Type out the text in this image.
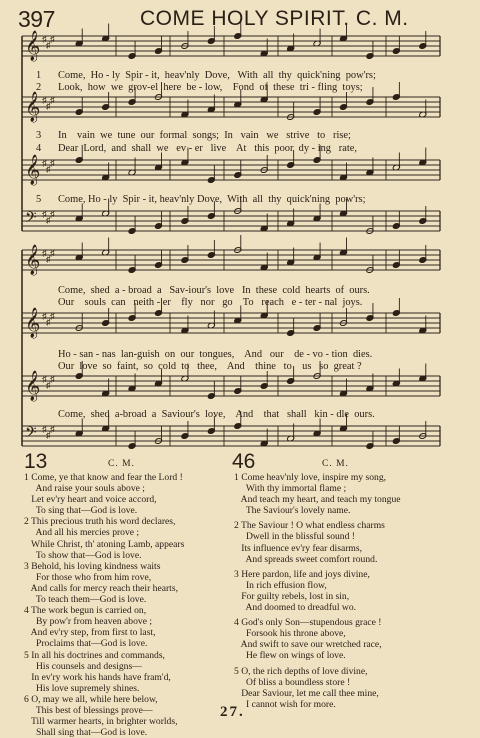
397	COME HOLY SPIRIT. C. M.
𝄞 ♯
♯
♯
𝄞 ♯
♯
♯
𝄞 ♯
♯
♯
𝄢 ♯
♯
♯
𝄞 ♯
♯
♯
𝄞 ♯
♯
♯
𝄞 ♯
♯
♯
𝄢 ♯
♯
♯
1 Come,  Ho - ly  Spir - it,  heav'nly  Dove,   With  all  thy  quick'ning  pow'rs;
2 Look,  how  we  grov-el  here  be - low,    Fond  of  these  tri - fling  toys;
3 In    vain  we  tune  our  formal  songs;  In   vain   we   strive   to   rise;
4 Dear  Lord,  and  shall  we   ev - er   live    At   this  poor  dy - ing   rate,
5 Come, Ho - ly  Spir - it, heav'nly Dove,  With  all  thy  quick'ning  pow'rs;
Come,  shed  a - broad  a   Sav-iour's  love   In  these  cold  hearts  of  ours.
Our    souls  can   neith - er    fly   nor   go    To   reach   e - ter - nal  joys.
Ho - san - nas  lan-guish  on  our  tongues,    And   our    de - vo - tion  dies.
Our  love  so  faint,  so  cold  to   thee,    And    thine   to    us   so  great ?
Come,  shed  a-broad  a  Saviour's  love,    And    that   shall   kin - dle  ours.
13	C. M.
1 Come, ye that know and fear the Lord !
And raise your souls above ;
Let ev'ry heart and voice accord,
To sing that—God is love.
2 This precious truth his word declares,
And all his mercies prove ;
While Christ, th' atoning Lamb, appears
To show that—God is love.
3 Behold, his loving kindness waits
For those who from him rove,
And calls for mercy reach their hearts,
To teach them—God is love.
4 The work begun is carried on,
By pow'r from heaven above ;
And ev'ry step, from first to last,
Proclaims that—God is love.
5 In all his doctrines and commands,
His counsels and designs—
In ev'ry work his hands have fram'd,
His love supremely shines.
6 O, may we all, while here below,
This best of blessings prove—
Till warmer hearts, in brighter worlds,
Shall sing that—God is love.
46	C. M.
1 Come heav'nly love, inspire my song,
With thy immortal flame ;
And teach my heart, and teach my tongue
The Saviour's lovely name.

2 The Saviour ! O what endless charms
Dwell in the blissful sound !
Its influence ev'ry fear disarms,
And spreads sweet comfort round.

3 Here pardon, life and joys divine,
In rich effusion flow,
For guilty rebels, lost in sin,
And doomed to dreadful wo.

4 God's only Son—stupendous grace !
Forsook his throne above,
And swift to save our wretched race,
He flew on wings of love.

5 O, the rich depths of love divine,
Of bliss a boundless store !
Dear Saviour, let me call thee mine,
I cannot wish for more.
27.
